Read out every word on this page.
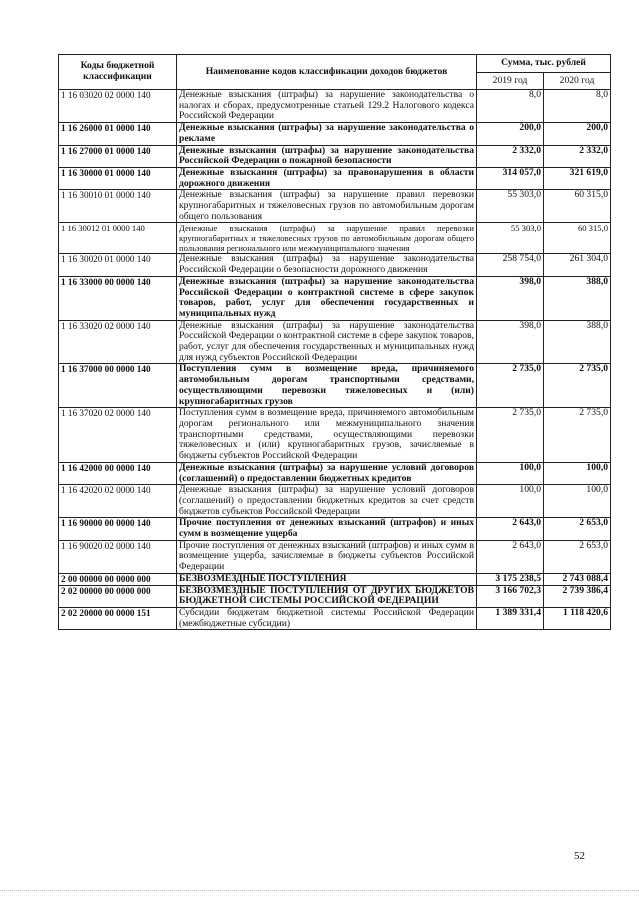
Коды бюджетной классификации	Наименование кодов классификации доходов бюджетов	Сумма, тыс. рублей	
		2019 год	2020 год
1 16 03020 02 0000 140	Денежные взыскания (штрафы) за нарушение законодательства о налогах и сборах, предусмотренные статьей 129.2 Налогового кодекса Российской Федерации	8,0	8,0
1 16 26000 01 0000 140	Денежные взыскания (штрафы) за нарушение законодательства о рекламе	200,0	200,0
1 16 27000 01 0000 140	Денежные взыскания (штрафы) за нарушение законодательства Российской Федерации о пожарной безопасности	2 332,0	2 332,0
1 16 30000 01 0000 140	Денежные взыскания (штрафы) за правонарушения в области дорожного движения	314 057,0	321 619,0
1 16 30010 01 0000 140	Денежные взыскания (штрафы) за нарушение правил перевозки крупногабаритных и тяжеловесных грузов по автомобильным дорогам общего пользования	55 303,0	60 315,0
1 16 30012 01 0000 140	Денежные взыскания (штрафы) за нарушение правил перевозки крупногабаритных и тяжеловесных грузов по автомобильным дорогам общего пользования регионального или межмуниципального значения	55 303,0	60 315,0
1 16 30020 01 0000 140	Денежные взыскания (штрафы) за нарушение законодательства Российской Федерации о безопасности дорожного движения	258 754,0	261 304,0
1 16 33000 00 0000 140	Денежные взыскания (штрафы) за нарушение законодательства Российской Федерации о контрактной системе в сфере закупок товаров, работ, услуг для обеспечения государственных и муниципальных нужд	398,0	388,0
1 16 33020 02 0000 140	Денежные взыскания (штрафы) за нарушение законодательства Российской Федерации о контрактной системе в сфере закупок товаров, работ, услуг для обеспечения государственных и муниципальных нужд для нужд субъектов Российской Федерации	398,0	388,0
1 16 37000 00 0000 140	Поступления сумм в возмещение вреда, причиняемого автомобильным дорогам транспортными средствами, осуществляющими перевозки тяжеловесных и (или) крупногабаритных грузов	2 735,0	2 735,0
1 16 37020 02 0000 140	Поступления сумм в возмещение вреда, причиняемого автомобильным дорогам регионального или межмуниципального значения транспортными средствами, осуществляющими перевозки тяжеловесных и (или) крупногабаритных грузов, зачисляемые в бюджеты субъектов Российской Федерации	2 735,0	2 735,0
1 16 42000 00 0000 140	Денежные взыскания (штрафы) за нарушение условий договоров (соглашений) о предоставлении бюджетных кредитов	100,0	100,0
1 16 42020 02 0000 140	Денежные взыскания (штрафы) за нарушение условий договоров (соглашений) о предоставлении бюджетных кредитов за счет средств бюджетов субъектов Российской Федерации	100,0	100,0
1 16 90000 00 0000 140	Прочие поступления от денежных взысканий (штрафов) и иных сумм в возмещение ущерба	2 643,0	2 653,0
1 16 90020 02 0000 140	Прочие поступления от денежных взысканий (штрафов) и иных сумм в возмещение ущерба, зачисляемые в бюджеты субъектов Российской Федерации	2 643,0	2 653,0
2 00 00000 00 0000 000	БЕЗВОЗМЕЗДНЫЕ ПОСТУПЛЕНИЯ	3 175 238,5	2 743 088,4
2 02 00000 00 0000 000	БЕЗВОЗМЕЗДНЫЕ ПОСТУПЛЕНИЯ ОТ ДРУГИХ БЮДЖЕТОВ БЮДЖЕТНОЙ СИСТЕМЫ РОССИЙСКОЙ ФЕДЕРАЦИИ	3 166 702,3	2 739 386,4
2 02 20000 00 0000 151	Субсидии бюджетам бюджетной системы Российской Федерации (межбюджетные субсидии)	1 389 331,4	1 118 420,6
52
